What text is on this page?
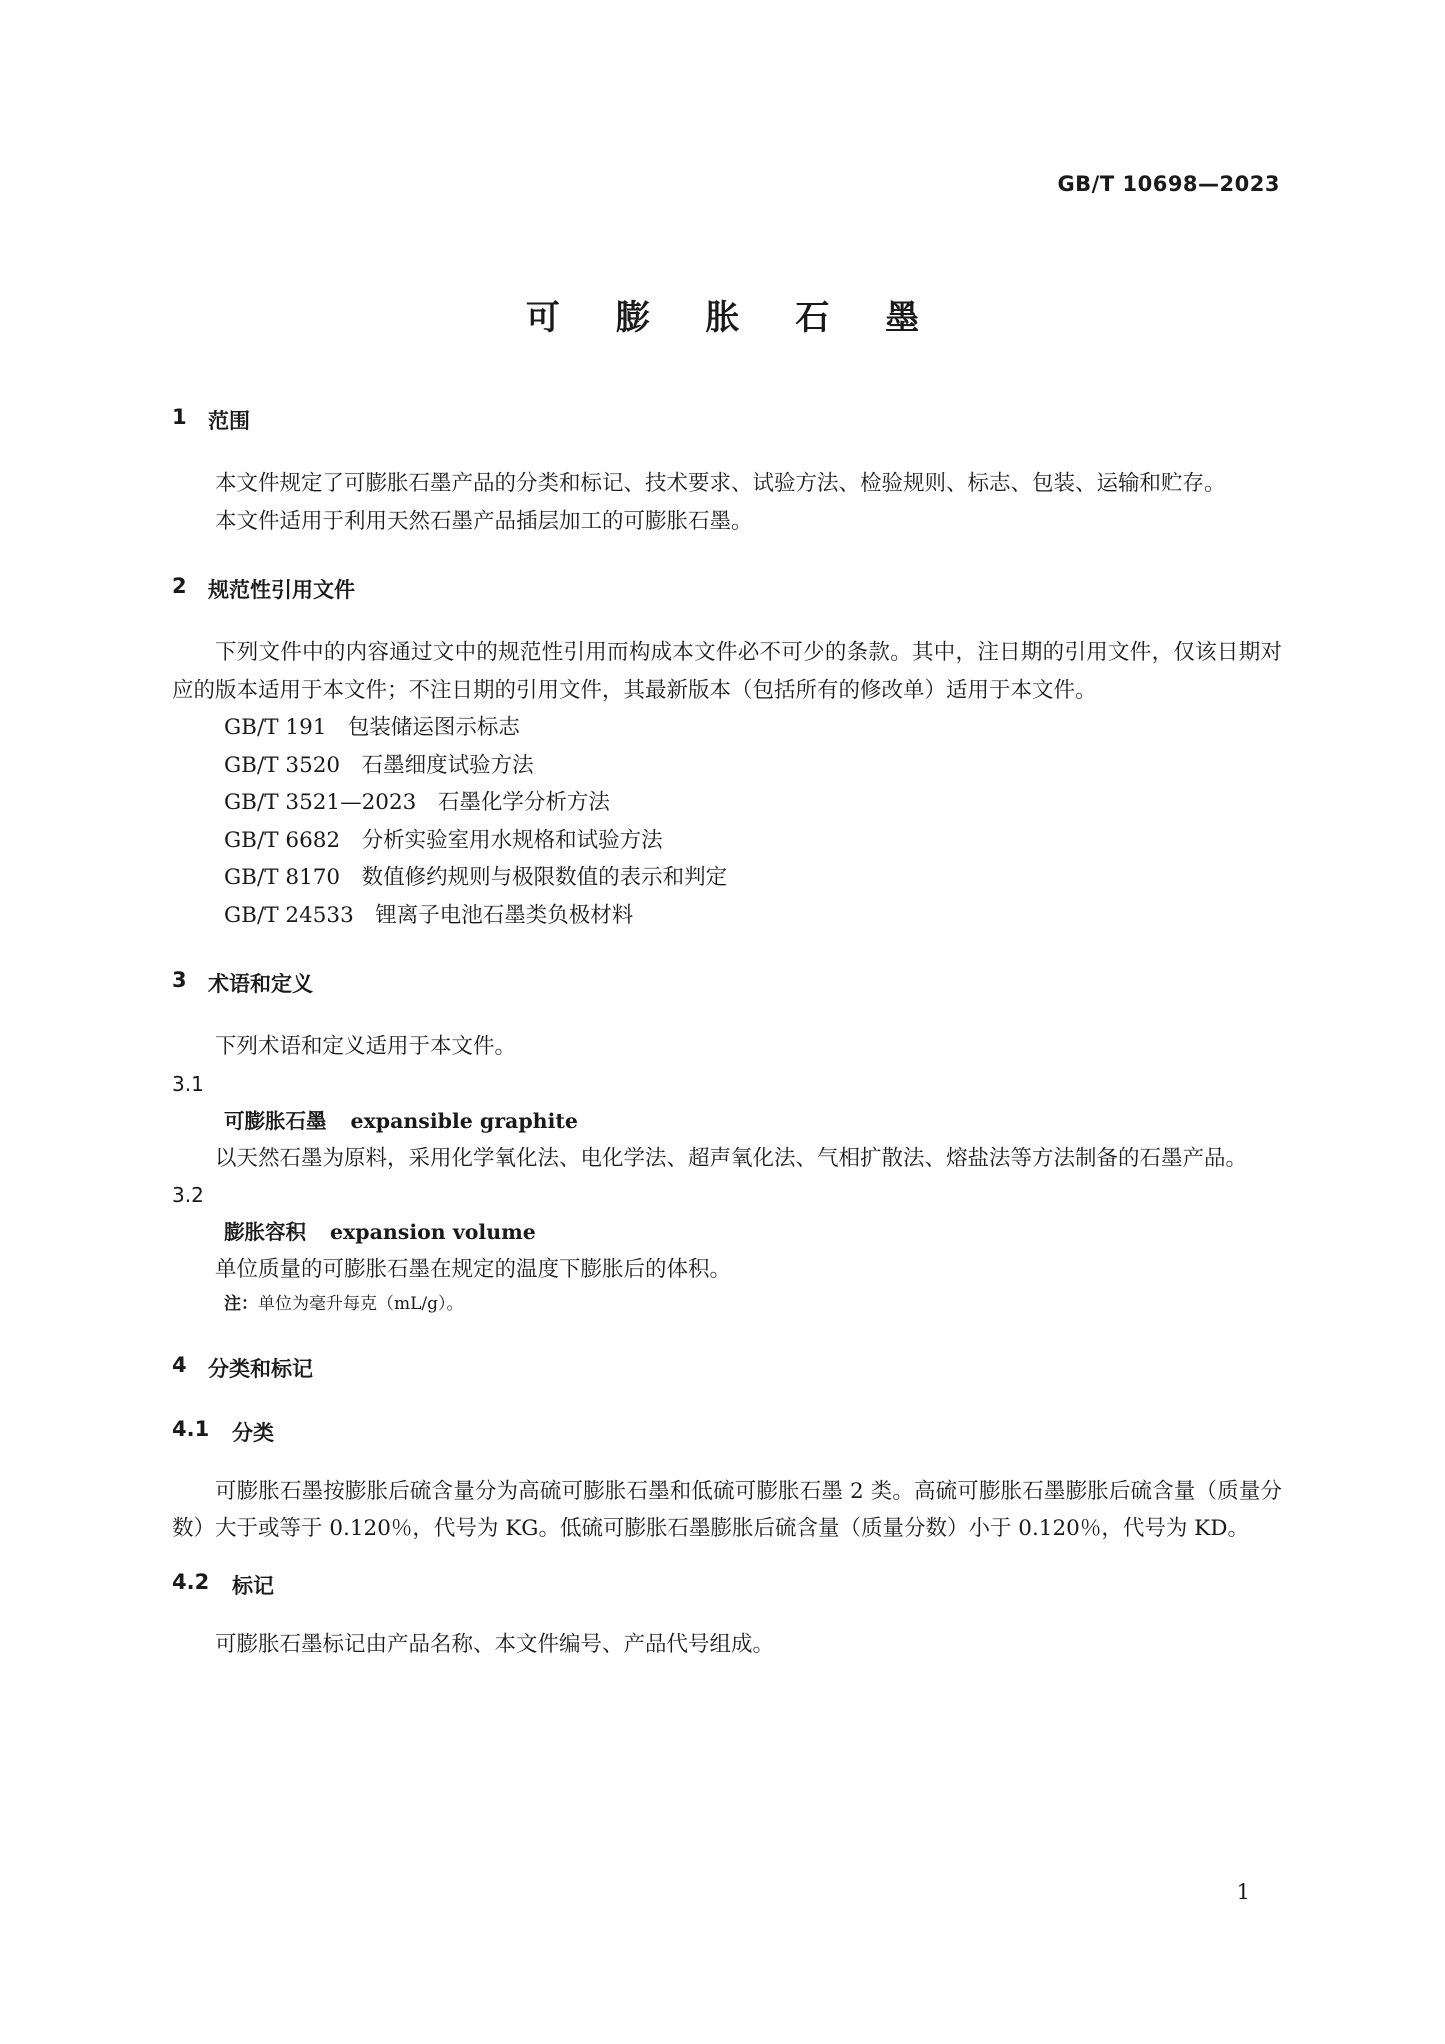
GB/T 10698—2023
可 膨 胀 石 墨
1	范围

本文件规定了可膨胀石墨产品的分类和标记、技术要求、试验方法、检验规则、标志、包装、运输和贮存。

本文件适用于利用天然石墨产品插层加工的可膨胀石墨。

2	规范性引用文件

下列文件中的内容通过文中的规范性引用而构成本文件必不可少的条款。其中，注日期的引用文件，仅该日期对应的版本适用于本文件；不注日期的引用文件，其最新版本（包括所有的修改单）适用于本文件。

GB/T 191　包装储运图示标志

GB/T 3520　石墨细度试验方法

GB/T 3521—2023　石墨化学分析方法

GB/T 6682　分析实验室用水规格和试验方法

GB/T 8170　数值修约规则与极限数值的表示和判定

GB/T 24533　锂离子电池石墨类负极材料

3	术语和定义

下列术语和定义适用于本文件。

3.1
可膨胀石墨 expansible graphite

以天然石墨为原料，采用化学氧化法、电化学法、超声氧化法、气相扩散法、熔盐法等方法制备的石墨产品。

3.2
膨胀容积 expansion volume

单位质量的可膨胀石墨在规定的温度下膨胀后的体积。

注：单位为毫升每克（mL/g）。
4	分类和标记
4.1	分类

可膨胀石墨按膨胀后硫含量分为高硫可膨胀石墨和低硫可膨胀石墨 2 类。高硫可膨胀石墨膨胀后硫含量（质量分数）大于或等于 0.120％，代号为 KG。低硫可膨胀石墨膨胀后硫含量（质量分数）小于 0.120％，代号为 KD。

4.2	标记

可膨胀石墨标记由产品名称、本文件编号、产品代号组成。

1
